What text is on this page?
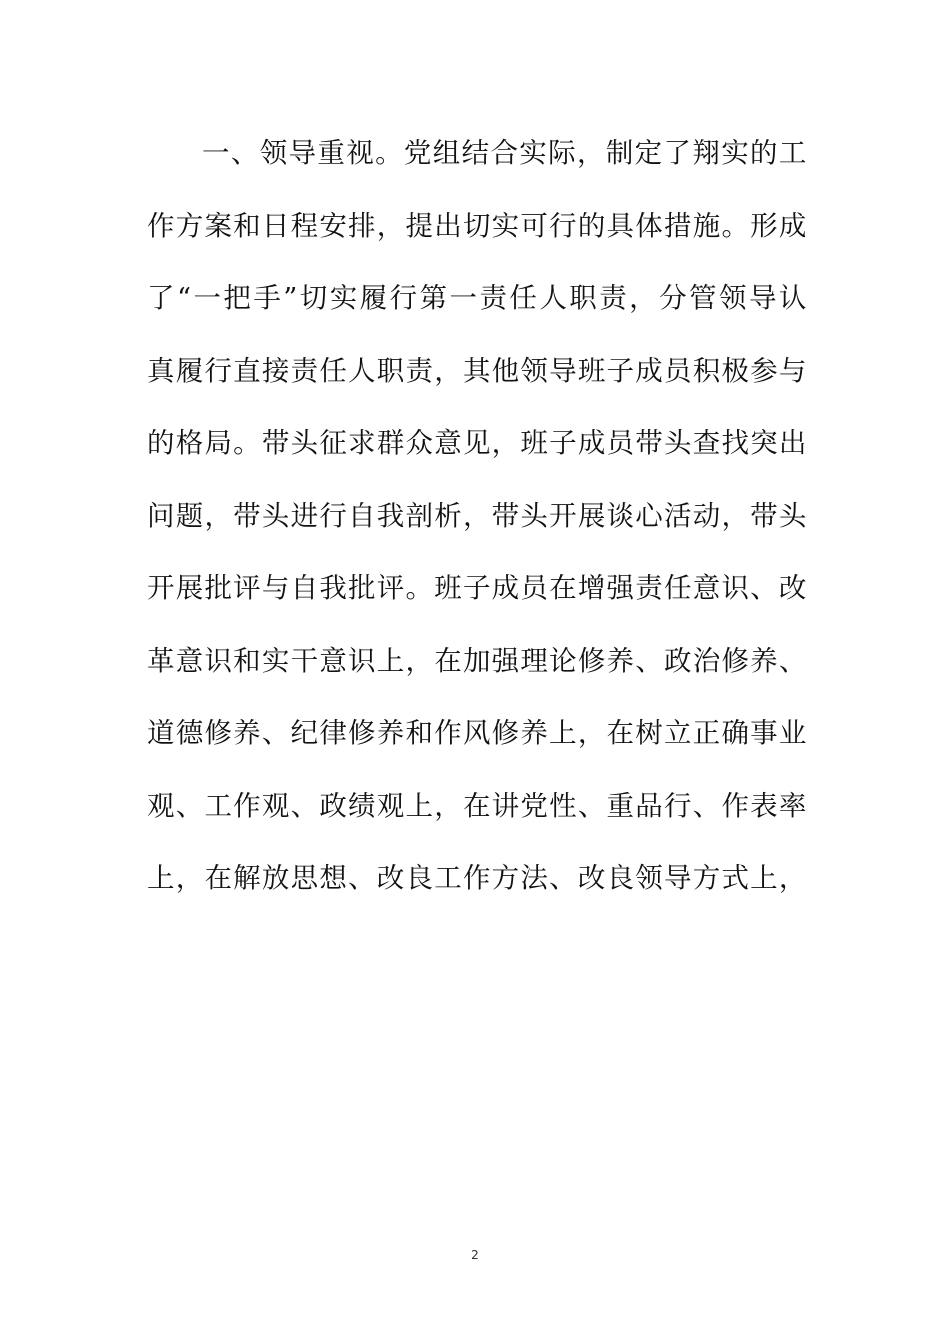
一、领导重视。党组结合实际，制定了翔实的工
作方案和日程安排，提出切实可行的具体措施。形成
了“一把手”切实履行第一责任人职责，分管领导认
真履行直接责任人职责，其他领导班子成员积极参与
的格局。带头征求群众意见，班子成员带头查找突出
问题，带头进行自我剖析，带头开展谈心活动，带头
开展批评与自我批评。班子成员在增强责任意识、改
革意识和实干意识上，在加强理论修养、政治修养、
道德修养、纪律修养和作风修养上，在树立正确事业
观、工作观、政绩观上，在讲党性、重品行、作表率
上，在解放思想、改良工作方法、改良领导方式上，
2
